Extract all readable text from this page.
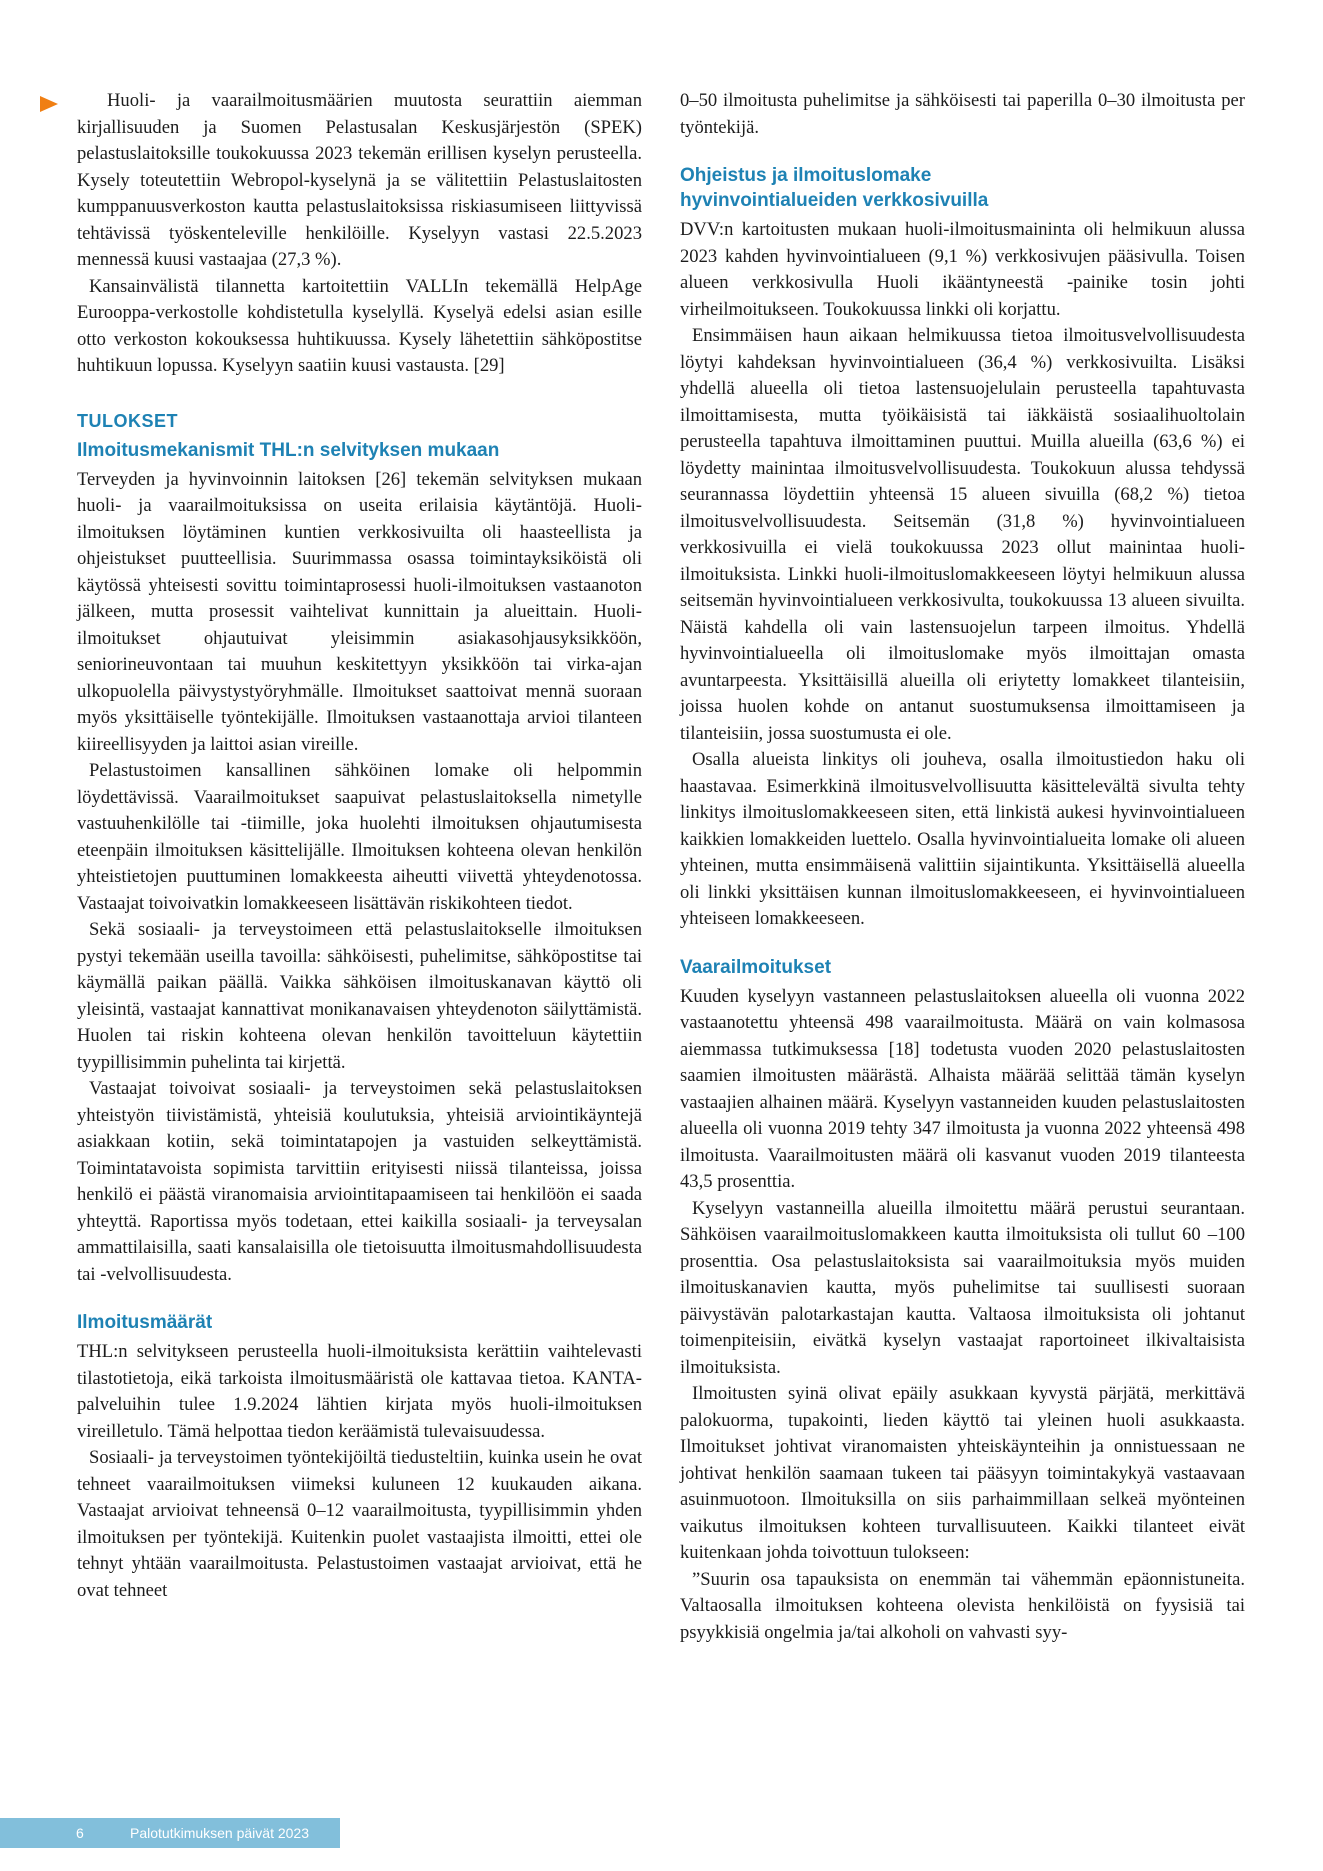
Huoli- ja vaarailmoitusmäärien muutosta seurattiin aiemman kirjallisuuden ja Suomen Pelastusalan Keskusjärjestön (SPEK) pelastuslaitoksille toukokuussa 2023 tekemän erillisen kyselyn perusteella. Kysely toteutettiin Webropol-kyselynä ja se välitettiin Pelastuslaitosten kumppanuusverkoston kautta pelastuslaitoksissa riskiasumiseen liittyvissä tehtävissä työskenteleville henkilöille. Kyselyyn vastasi 22.5.2023 mennessä kuusi vastaajaa (27,3 %).

Kansainvälistä tilannetta kartoitettiin VALLIn tekemällä HelpAge Eurooppa-verkostolle kohdistetulla kyselyllä. Kyselyä edelsi asian esille otto verkoston kokouksessa huhtikuussa. Kysely lähetettiin sähköpostitse huhtikuun lopussa. Kyselyyn saatiin kuusi vastausta. [29]

TULOKSET
Ilmoitusmekanismit THL:n selvityksen mukaan

Terveyden ja hyvinvoinnin laitoksen [26] tekemän selvityksen mukaan huoli- ja vaarailmoituksissa on useita erilaisia käytäntöjä. Huoli-ilmoituksen löytäminen kuntien verkkosivuilta oli haasteellista ja ohjeistukset puutteellisia. Suurimmassa osassa toimintayksiköistä oli käytössä yhteisesti sovittu toimintaprosessi huoli-ilmoituksen vastaanoton jälkeen, mutta prosessit vaihtelivat kunnittain ja alueittain. Huoli-ilmoitukset ohjautuivat yleisimmin asiakasohjausyksikköön, seniorineuvontaan tai muuhun keskitettyyn yksikköön tai virka-ajan ulkopuolella päivystystyöryhmälle. Ilmoitukset saattoivat mennä suoraan myös yksittäiselle työntekijälle. Ilmoituksen vastaanottaja arvioi tilanteen kiireellisyyden ja laittoi asian vireille.

Pelastustoimen kansallinen sähköinen lomake oli helpommin löydettävissä. Vaarailmoitukset saapuivat pelastuslaitoksella nimetylle vastuuhenkilölle tai -tiimille, joka huolehti ilmoituksen ohjautumisesta eteenpäin ilmoituksen käsittelijälle. Ilmoituksen kohteena olevan henkilön yhteistietojen puuttuminen lomakkeesta aiheutti viivettä yhteydenotossa. Vastaajat toivoivatkin lomakkeeseen lisättävän riskikohteen tiedot.

Sekä sosiaali- ja terveystoimeen että pelastuslaitokselle ilmoituksen pystyi tekemään useilla tavoilla: sähköisesti, puhelimitse, sähköpostitse tai käymällä paikan päällä. Vaikka sähköisen ilmoituskanavan käyttö oli yleisintä, vastaajat kannattivat monikanavaisen yhteydenoton säilyttämistä. Huolen tai riskin kohteena olevan henkilön tavoitteluun käytettiin tyypillisimmin puhelinta tai kirjettä.

Vastaajat toivoivat sosiaali- ja terveystoimen sekä pelastuslaitoksen yhteistyön tiivistämistä, yhteisiä koulutuksia, yhteisiä arviointikäyntejä asiakkaan kotiin, sekä toimintatapojen ja vastuiden selkeyttämistä. Toimintatavoista sopimista tarvittiin erityisesti niissä tilanteissa, joissa henkilö ei päästä viranomaisia arviointitapaamiseen tai henkilöön ei saada yhteyttä. Raportissa myös todetaan, ettei kaikilla sosiaali- ja terveysalan ammattilaisilla, saati kansalaisilla ole tietoisuutta ilmoitusmahdollisuudesta tai -velvollisuudesta.

Ilmoitusmäärät

THL:n selvitykseen perusteella huoli-ilmoituksista kerättiin vaihtelevasti tilastotietoja, eikä tarkoista ilmoitusmääristä ole kattavaa tietoa. KANTA-palveluihin tulee 1.9.2024 lähtien kirjata myös huoli-ilmoituksen vireilletulo. Tämä helpottaa tiedon keräämistä tulevaisuudessa.

Sosiaali- ja terveystoimen työntekijöiltä tiedusteltiin, kuinka usein he ovat tehneet vaarailmoituksen viimeksi kuluneen 12 kuukauden aikana. Vastaajat arvioivat tehneensä 0–12 vaarailmoitusta, tyypillisimmin yhden ilmoituksen per työntekijä. Kuitenkin puolet vastaajista ilmoitti, ettei ole tehnyt yhtään vaarailmoitusta. Pelastustoimen vastaajat arvioivat, että he ovat tehneet

0–50 ilmoitusta puhelimitse ja sähköisesti tai paperilla 0–30 ilmoitusta per työntekijä.

Ohjeistus ja ilmoituslomake
hyvinvointialueiden verkkosivuilla

DVV:n kartoitusten mukaan huoli-ilmoitusmaininta oli helmikuun alussa 2023 kahden hyvinvointialueen (9,1 %) verkkosivujen pääsivulla. Toisen alueen verkkosivulla Huoli ikääntyneestä -painike tosin johti virheilmoitukseen. Toukokuussa linkki oli korjattu.

Ensimmäisen haun aikaan helmikuussa tietoa ilmoitusvelvollisuudesta löytyi kahdeksan hyvinvointialueen (36,4 %) verkkosivuilta. Lisäksi yhdellä alueella oli tietoa lastensuojelulain perusteella tapahtuvasta ilmoittamisesta, mutta työikäisistä tai iäkkäistä sosiaalihuoltolain perusteella tapahtuva ilmoittaminen puuttui. Muilla alueilla (63,6 %) ei löydetty mainintaa ilmoitusvelvollisuudesta. Toukokuun alussa tehdyssä seurannassa löydettiin yhteensä 15 alueen sivuilla (68,2 %) tietoa ilmoitusvelvollisuudesta. Seitsemän (31,8 %) hyvinvointialueen verkkosivuilla ei vielä toukokuussa 2023 ollut mainintaa huoli-ilmoituksista. Linkki huoli-ilmoituslomakkeeseen löytyi helmikuun alussa seitsemän hyvinvointialueen verkkosivulta, toukokuussa 13 alueen sivuilta. Näistä kahdella oli vain lastensuojelun tarpeen ilmoitus. Yhdellä hyvinvointialueella oli ilmoituslomake myös ilmoittajan omasta avuntarpeesta. Yksittäisillä alueilla oli eriytetty lomakkeet tilanteisiin, joissa huolen kohde on antanut suostumuksensa ilmoittamiseen ja tilanteisiin, jossa suostumusta ei ole.

Osalla alueista linkitys oli jouheva, osalla ilmoitustiedon haku oli haastavaa. Esimerkkinä ilmoitusvelvollisuutta käsittelevältä sivulta tehty linkitys ilmoituslomakkeeseen siten, että linkistä aukesi hyvinvointialueen kaikkien lomakkeiden luettelo. Osalla hyvinvointialueita lomake oli alueen yhteinen, mutta ensimmäisenä valittiin sijaintikunta. Yksittäisellä alueella oli linkki yksittäisen kunnan ilmoituslomakkeeseen, ei hyvinvointialueen yhteiseen lomakkeeseen.

Vaarailmoitukset

Kuuden kyselyyn vastanneen pelastuslaitoksen alueella oli vuonna 2022 vastaanotettu yhteensä 498 vaarailmoitusta. Määrä on vain kolmasosa aiemmassa tutkimuksessa [18] todetusta vuoden 2020 pelastuslaitosten saamien ilmoitusten määrästä. Alhaista määrää selittää tämän kyselyn vastaajien alhainen määrä. Kyselyyn vastanneiden kuuden pelastuslaitosten alueella oli vuonna 2019 tehty 347 ilmoitusta ja vuonna 2022 yhteensä 498 ilmoitusta. Vaarailmoitusten määrä oli kasvanut vuoden 2019 tilanteesta 43,5 prosenttia.

Kyselyyn vastanneilla alueilla ilmoitettu määrä perustui seurantaan. Sähköisen vaarailmoituslomakkeen kautta ilmoituksista oli tullut 60 –100 prosenttia. Osa pelastuslaitoksista sai vaarailmoituksia myös muiden ilmoituskanavien kautta, myös puhelimitse tai suullisesti suoraan päivystävän palotarkastajan kautta. Valtaosa ilmoituksista oli johtanut toimenpiteisiin, eivätkä kyselyn vastaajat raportoineet ilkivaltaisista ilmoituksista.

Ilmoitusten syinä olivat epäily asukkaan kyvystä pärjätä, merkittävä palokuorma, tupakointi, lieden käyttö tai yleinen huoli asukkaasta. Ilmoitukset johtivat viranomaisten yhteiskäynteihin ja onnistuessaan ne johtivat henkilön saamaan tukeen tai pääsyyn toimintakykyä vastaavaan asuinmuotoon. Ilmoituksilla on siis parhaimmillaan selkeä myönteinen vaikutus ilmoituksen kohteen turvallisuuteen. Kaikki tilanteet eivät kuitenkaan johda toivottuun tulokseen:

”Suurin osa tapauksista on enemmän tai vähemmän epäonnistuneita. Valtaosalla ilmoituksen kohteena olevista henkilöistä on fyysisiä tai psyykkisiä ongelmia ja/tai alkoholi on vahvasti syy-

6	Palotutkimuksen päivät 2023
